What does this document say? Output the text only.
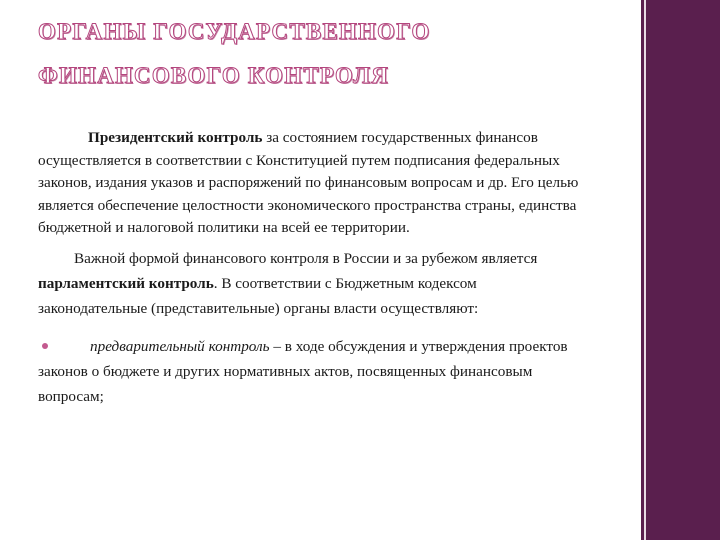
ОРГАНЫ ГОСУДАРСТВЕННОГО
ФИНАНСОВОГО КОНТРОЛЯ

Президентский контроль за состоянием государственных финансов осуществляется в соответствии с Конституцией путем подписания федеральных законов, издания указов и распоряжений по финансовым вопросам и др. Его целью является обеспечение целостности экономического пространства страны, единства бюджетной и налоговой политики на всей ее территории.

Важной формой финансового контроля в России и за рубежом является парламентский контроль. В соответствии с Бюджетным кодексом законодательные (представительные) органы власти осуществляют:

предварительный контроль – в ходе обсуждения и утверждения проектов законов о бюджете и других нормативных актов, посвященных финансовым вопросам;
